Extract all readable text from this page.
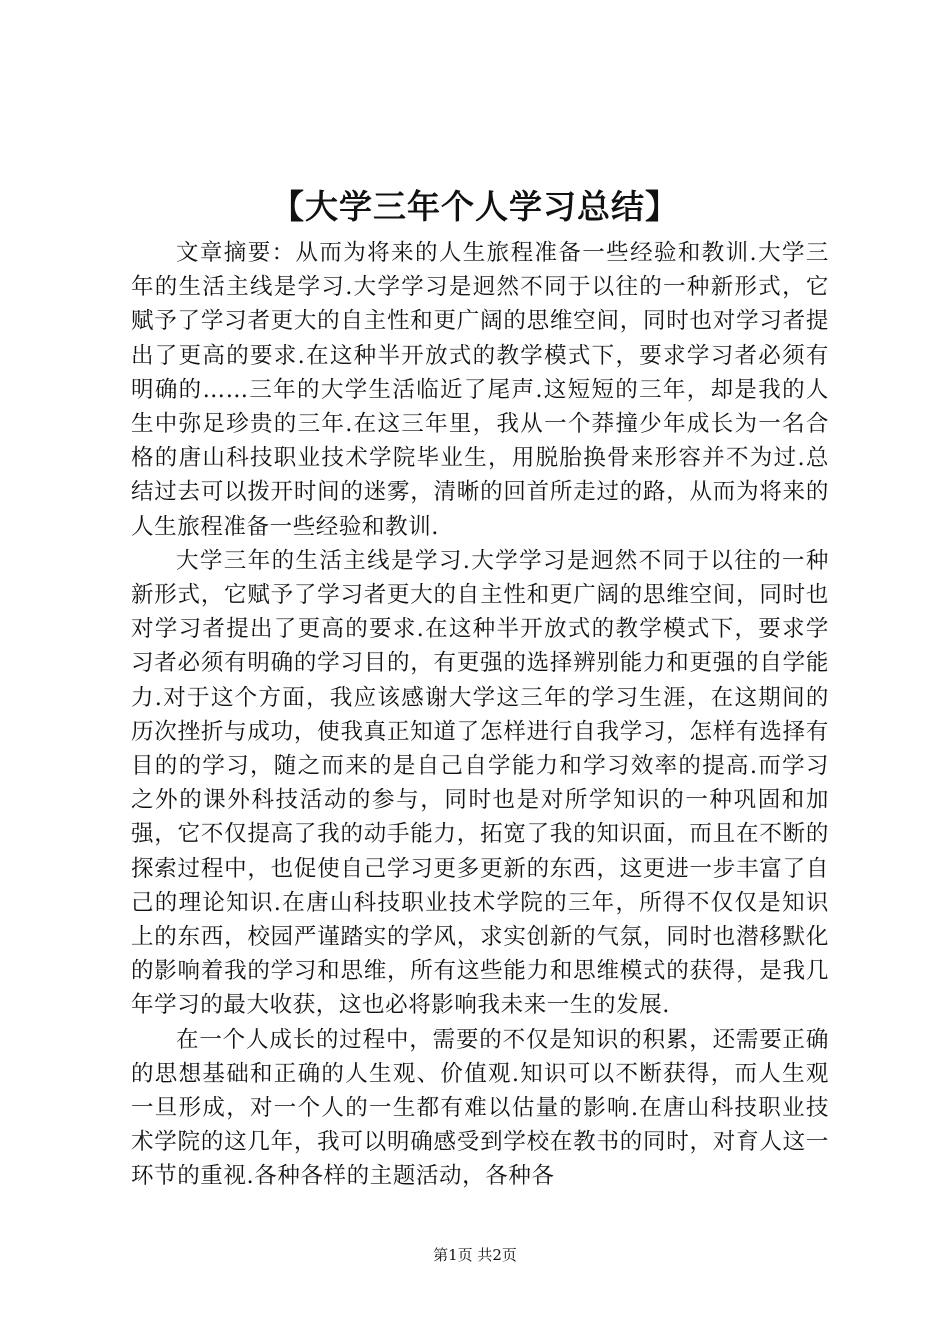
【大学三年个人学习总结】

文章摘要：从而为将来的人生旅程准备一些经验和教训.大学三年的生活主线是学习.大学学习是迥然不同于以往的一种新形式，它赋予了学习者更大的自主性和更广阔的思维空间，同时也对学习者提出了更高的要求.在这种半开放式的教学模式下，要求学习者必须有明确的……三年的大学生活临近了尾声.这短短的三年，却是我的人生中弥足珍贵的三年.在这三年里，我从一个莽撞少年成长为一名合格的唐山科技职业技术学院毕业生，用脱胎换骨来形容并不为过.总结过去可以拨开时间的迷雾，清晰的回首所走过的路，从而为将来的人生旅程准备一些经验和教训.

大学三年的生活主线是学习.大学学习是迥然不同于以往的一种新形式，它赋予了学习者更大的自主性和更广阔的思维空间，同时也对学习者提出了更高的要求.在这种半开放式的教学模式下，要求学习者必须有明确的学习目的，有更强的选择辨别能力和更强的自学能力.对于这个方面，我应该感谢大学这三年的学习生涯，在这期间的历次挫折与成功，使我真正知道了怎样进行自我学习，怎样有选择有目的的学习，随之而来的是自己自学能力和学习效率的提高.而学习之外的课外科技活动的参与，同时也是对所学知识的一种巩固和加强，它不仅提高了我的动手能力，拓宽了我的知识面，而且在不断的探索过程中，也促使自己学习更多更新的东西，这更进一步丰富了自己的理论知识.在唐山科技职业技术学院的三年，所得不仅仅是知识上的东西，校园严谨踏实的学风，求实创新的气氛，同时也潜移默化的影响着我的学习和思维，所有这些能力和思维模式的获得，是我几年学习的最大收获，这也必将影响我未来一生的发展.

在一个人成长的过程中，需要的不仅是知识的积累，还需要正确的思想基础和正确的人生观、价值观.知识可以不断获得，而人生观一旦形成，对一个人的一生都有难以估量的影响.在唐山科技职业技术学院的这几年，我可以明确感受到学校在教书的同时，对育人这一环节的重视.各种各样的主题活动，各种各

第1页 共2页
